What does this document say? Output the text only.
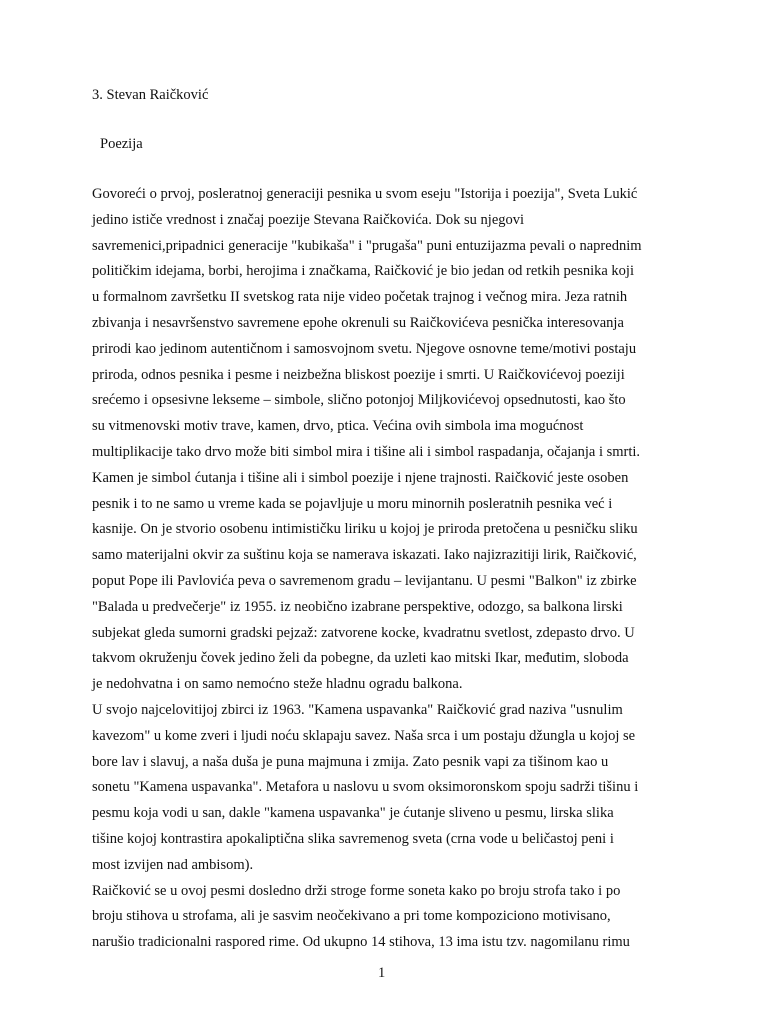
3. Stevan Raičković
Poezija
Govoreći o prvoj, posleratnoj generaciji pesnika u svom eseju "Istorija i poezija", Sveta Lukić
jedino ističe vrednost i značaj poezije Stevana Raičkovića. Dok su njegovi
savremenici,pripadnici generacije "kubikaša" i "prugaša" puni entuzijazma pevali o naprednim
političkim idejama, borbi, herojima i značkama, Raičković je bio jedan od retkih pesnika koji
u formalnom završetku II svetskog rata nije video početak trajnog i večnog mira. Jeza ratnih
zbivanja i nesavršenstvo savremene epohe okrenuli su Raičkovićeva pesnička interesovanja
prirodi kao jedinom autentičnom i samosvojnom svetu. Njegove osnovne teme/motivi postaju
priroda, odnos pesnika i pesme i neizbežna bliskost poezije i smrti. U Raičkovićevoj poeziji
srećemo i opsesivne lekseme – simbole, slično potonjoj Miljkovićevoj opsednutosti, kao što
su vitmenovski motiv trave, kamen, drvo, ptica. Većina ovih simbola ima mogućnost
multiplikacije tako drvo može biti simbol mira i tišine ali i simbol raspadanja, očajanja i smrti.
Kamen je simbol ćutanja i tišine ali i simbol poezije i njene trajnosti. Raičković jeste osoben
pesnik i to ne samo u vreme kada se pojavljuje u moru minornih posleratnih pesnika već i
kasnije. On je stvorio osobenu intimističku liriku u kojoj je priroda pretočena u pesničku sliku
samo materijalni okvir za suštinu koja se namerava iskazati. Iako najizrazitiji lirik, Raičković,
poput Pope ili Pavlovića peva o savremenom gradu – levijantanu. U pesmi "Balkon" iz zbirke
"Balada u predvečerje" iz 1955. iz neobično izabrane perspektive, odozgo, sa balkona lirski
subjekat gleda sumorni gradski pejzaž: zatvorene kocke, kvadratnu svetlost, zdepasto drvo. U
takvom okruženju čovek jedino želi da pobegne, da uzleti kao mitski Ikar, međutim, sloboda
je nedohvatna i on samo nemoćno steže hladnu ogradu balkona.
U svojo najcelovitijoj zbirci iz 1963. "Kamena uspavanka" Raičković grad naziva "usnulim
kavezom" u kome zveri i ljudi noću sklapaju savez. Naša srca i um postaju džungla u kojoj se
bore lav i slavuj, a naša duša je puna majmuna i zmija. Zato pesnik vapi za tišinom kao u
sonetu "Kamena uspavanka". Metafora u naslovu u svom oksimoronskom spoju sadrži tišinu i
pesmu koja vodi u san, dakle "kamena uspavanka" je ćutanje sliveno u pesmu, lirska slika
tišine kojoj kontrastira apokaliptična slika savremenog sveta (crna vode u beličastoj peni i
most izvijen nad ambisom).
Raičković se u ovoj pesmi dosledno drži stroge forme soneta kako po broju strofa tako i po
broju stihova u strofama, ali je sasvim neočekivano a pri tome kompoziciono motivisano,
narušio tradicionalni raspored rime. Od ukupno 14 stihova, 13 ima istu tzv. nagomilanu rimu
1
